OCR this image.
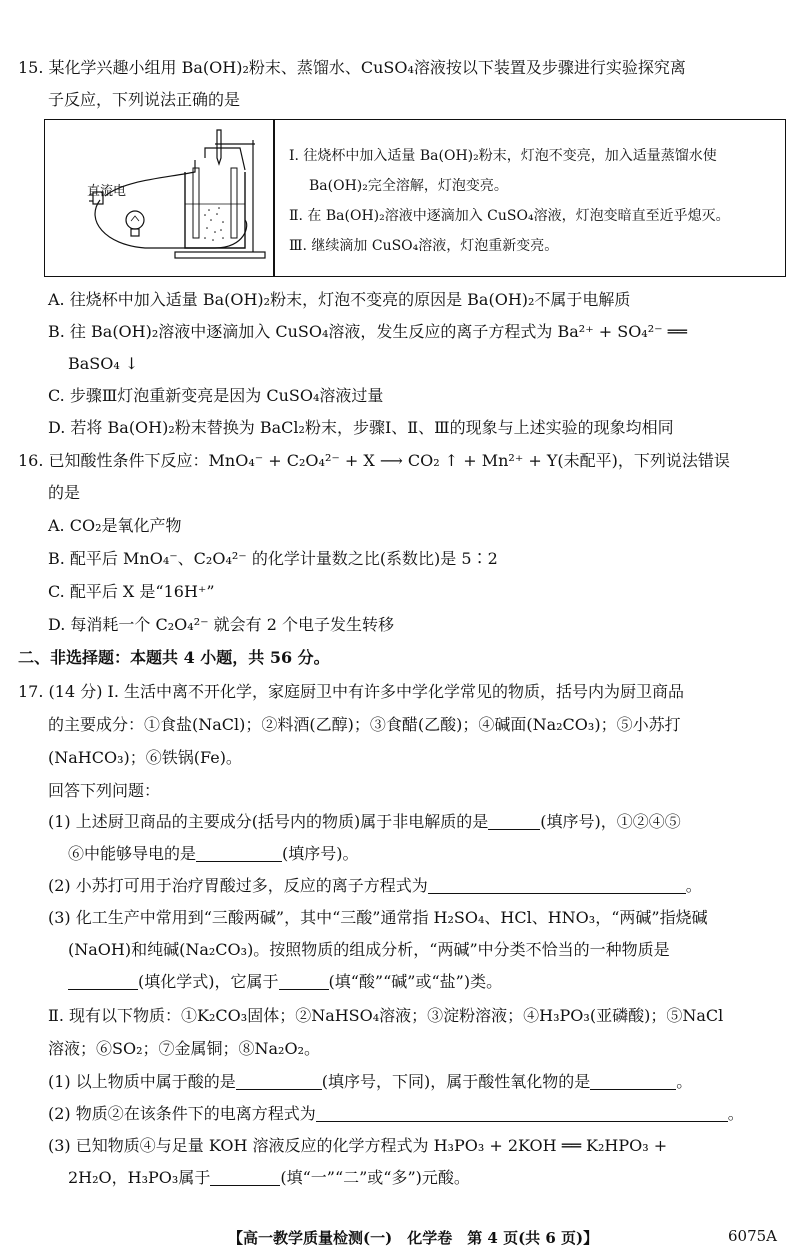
15. 某化学兴趣小组用 Ba(OH)₂粉末、蒸馏水、CuSO₄溶液按以下装置及步骤进行实验探究离
子反应，下列说法正确的是
直流电
Ⅰ. 往烧杯中加入适量 Ba(OH)₂粉末，灯泡不变亮，加入适量蒸馏水使
Ba(OH)₂完全溶解，灯泡变亮。
Ⅱ. 在 Ba(OH)₂溶液中逐滴加入 CuSO₄溶液，灯泡变暗直至近乎熄灭。
Ⅲ. 继续滴加 CuSO₄溶液，灯泡重新变亮。
A. 往烧杯中加入适量 Ba(OH)₂粉末，灯泡不变亮的原因是 Ba(OH)₂不属于电解质
B. 往 Ba(OH)₂溶液中逐滴加入 CuSO₄溶液，发生反应的离子方程式为 Ba²⁺ + SO₄²⁻ ══
BaSO₄ ↓
C. 步骤Ⅲ灯泡重新变亮是因为 CuSO₄溶液过量
D. 若将 Ba(OH)₂粉末替换为 BaCl₂粉末，步骤Ⅰ、Ⅱ、Ⅲ的现象与上述实验的现象均相同
16. 已知酸性条件下反应：MnO₄⁻ + C₂O₄²⁻ + X ⟶ CO₂ ↑ + Mn²⁺ + Y(未配平)，下列说法错误
的是
A. CO₂是氧化产物
B. 配平后 MnO₄⁻、C₂O₄²⁻ 的化学计量数之比(系数比)是 5∶2
C. 配平后 X 是“16H⁺”
D. 每消耗一个 C₂O₄²⁻ 就会有 2 个电子发生转移
二、非选择题：本题共 4 小题，共 56 分。
17. (14 分) Ⅰ. 生活中离不开化学，家庭厨卫中有许多中学化学常见的物质，括号内为厨卫商品
的主要成分：①食盐(NaCl)；②料酒(乙醇)；③食醋(乙酸)；④碱面(Na₂CO₃)；⑤小苏打
(NaHCO₃)；⑥铁锅(Fe)。
回答下列问题：
(1) 上述厨卫商品的主要成分(括号内的物质)属于非电解质的是	(填序号)，①②④⑤
⑥中能够导电的是	(填序号)。
(2) 小苏打可用于治疗胃酸过多，反应的离子方程式为	。
(3) 化工生产中常用到“三酸两碱”，其中“三酸”通常指 H₂SO₄、HCl、HNO₃，“两碱”指烧碱
(NaOH)和纯碱(Na₂CO₃)。按照物质的组成分析，“两碱”中分类不恰当的一种物质是
(填化学式)，它属于	(填“酸”“碱”或“盐”)类。
Ⅱ. 现有以下物质：①K₂CO₃固体；②NaHSO₄溶液；③淀粉溶液；④H₃PO₃(亚磷酸)；⑤NaCl
溶液；⑥SO₂；⑦金属铜；⑧Na₂O₂。
(1) 以上物质中属于酸的是	(填序号，下同)，属于酸性氧化物的是	。
(2) 物质②在该条件下的电离方程式为	。
(3) 已知物质④与足量 KOH 溶液反应的化学方程式为 H₃PO₃ + 2KOH ══ K₂HPO₃ +
2H₂O，H₃PO₃属于	(填“一”“二”或“多”)元酸。
【高一教学质量检测(一)　化学卷　第 4 页(共 6 页)】	6075A
